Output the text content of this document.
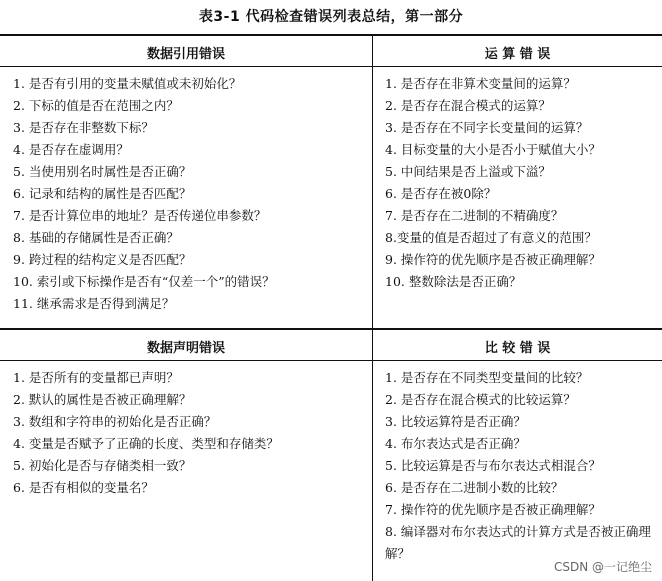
表3-1 代码检查错误列表总结，第一部分
数据引用错误
1. 是否有引用的变量未赋值或未初始化？
2. 下标的值是否在范围之内？
3. 是否存在非整数下标？
4. 是否存在虚调用？
5. 当使用别名时属性是否正确？
6. 记录和结构的属性是否匹配？
7. 是否计算位串的地址？是否传递位串参数？
8. 基础的存储属性是否正确？
9. 跨过程的结构定义是否匹配？
10. 索引或下标操作是否有“仅差一个”的错误？
11. 继承需求是否得到满足？
运 算 错 误
1. 是否存在非算术变量间的运算？
2. 是否存在混合模式的运算？
3. 是否存在不同字长变量间的运算？
4. 目标变量的大小是否小于赋值大小？
5. 中间结果是否上溢或下溢？
6. 是否存在被0除？
7. 是否存在二进制的不精确度？
8.变量的值是否超过了有意义的范围？
9. 操作符的优先顺序是否被正确理解？
10. 整数除法是否正确？
数据声明错误
1. 是否所有的变量都已声明？
2. 默认的属性是否被正确理解？
3. 数组和字符串的初始化是否正确？
4. 变量是否赋予了正确的长度、类型和存储类？
5. 初始化是否与存储类相一致？
6. 是否有相似的变量名？
比 较 错 误
1. 是否存在不同类型变量间的比较？
2. 是否存在混合模式的比较运算？
3. 比较运算符是否正确？
4. 布尔表达式是否正确？
5. 比较运算是否与布尔表达式相混合？
6. 是否存在二进制小数的比较？
7. 操作符的优先顺序是否被正确理解？
8. 编译器对布尔表达式的计算方式是否被正确理解？
CSDN @一记绝尘
